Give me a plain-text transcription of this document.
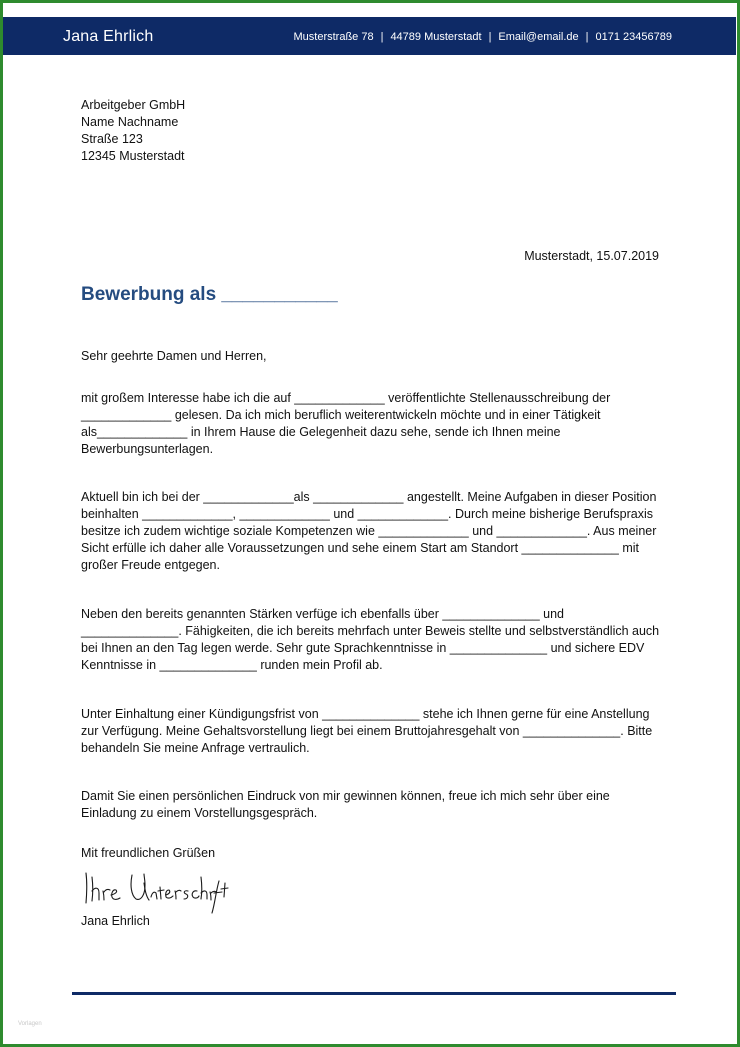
Jana Ehrlich	Musterstraße 78 | 44789 Musterstadt | Email@email.de | 0171 23456789
Arbeitgeber GmbH
Name Nachname
Straße 123
12345 Musterstadt
Musterstadt, 15.07.2019
Bewerbung als ___________
Sehr geehrte Damen und Herren,
mit großem Interesse habe ich die auf _____________ veröffentlichte Stellenausschreibung der _____________ gelesen. Da ich mich beruflich weiterentwickeln möchte und in einer Tätigkeit als_____________ in Ihrem Hause die Gelegenheit dazu sehe, sende ich Ihnen meine Bewerbungsunterlagen.
Aktuell bin ich bei der _____________als _____________ angestellt. Meine Aufgaben in dieser Position beinhalten _____________, _____________ und _____________. Durch meine bisherige Berufspraxis besitze ich zudem wichtige soziale Kompetenzen wie _____________ und _____________. Aus meiner Sicht erfülle ich daher alle Voraussetzungen und sehe einem Start am Standort ______________ mit großer Freude entgegen.
Neben den bereits genannten Stärken verfüge ich ebenfalls über ______________ und ______________. Fähigkeiten, die ich bereits mehrfach unter Beweis stellte und selbstverständlich auch bei Ihnen an den Tag legen werde. Sehr gute Sprachkenntnisse in ______________ und sichere EDV Kenntnisse in ______________ runden mein Profil ab.
Unter Einhaltung einer Kündigungsfrist von ______________ stehe ich Ihnen gerne für eine Anstellung zur Verfügung. Meine Gehaltsvorstellung liegt bei einem Bruttojahresgehalt von ______________. Bitte behandeln Sie meine Anfrage vertraulich.
Damit Sie einen persönlichen Eindruck von mir gewinnen können, freue ich mich sehr über eine Einladung zu einem Vorstellungsgespräch.
Mit freundlichen Grüßen
Jana Ehrlich
Vorlagen
